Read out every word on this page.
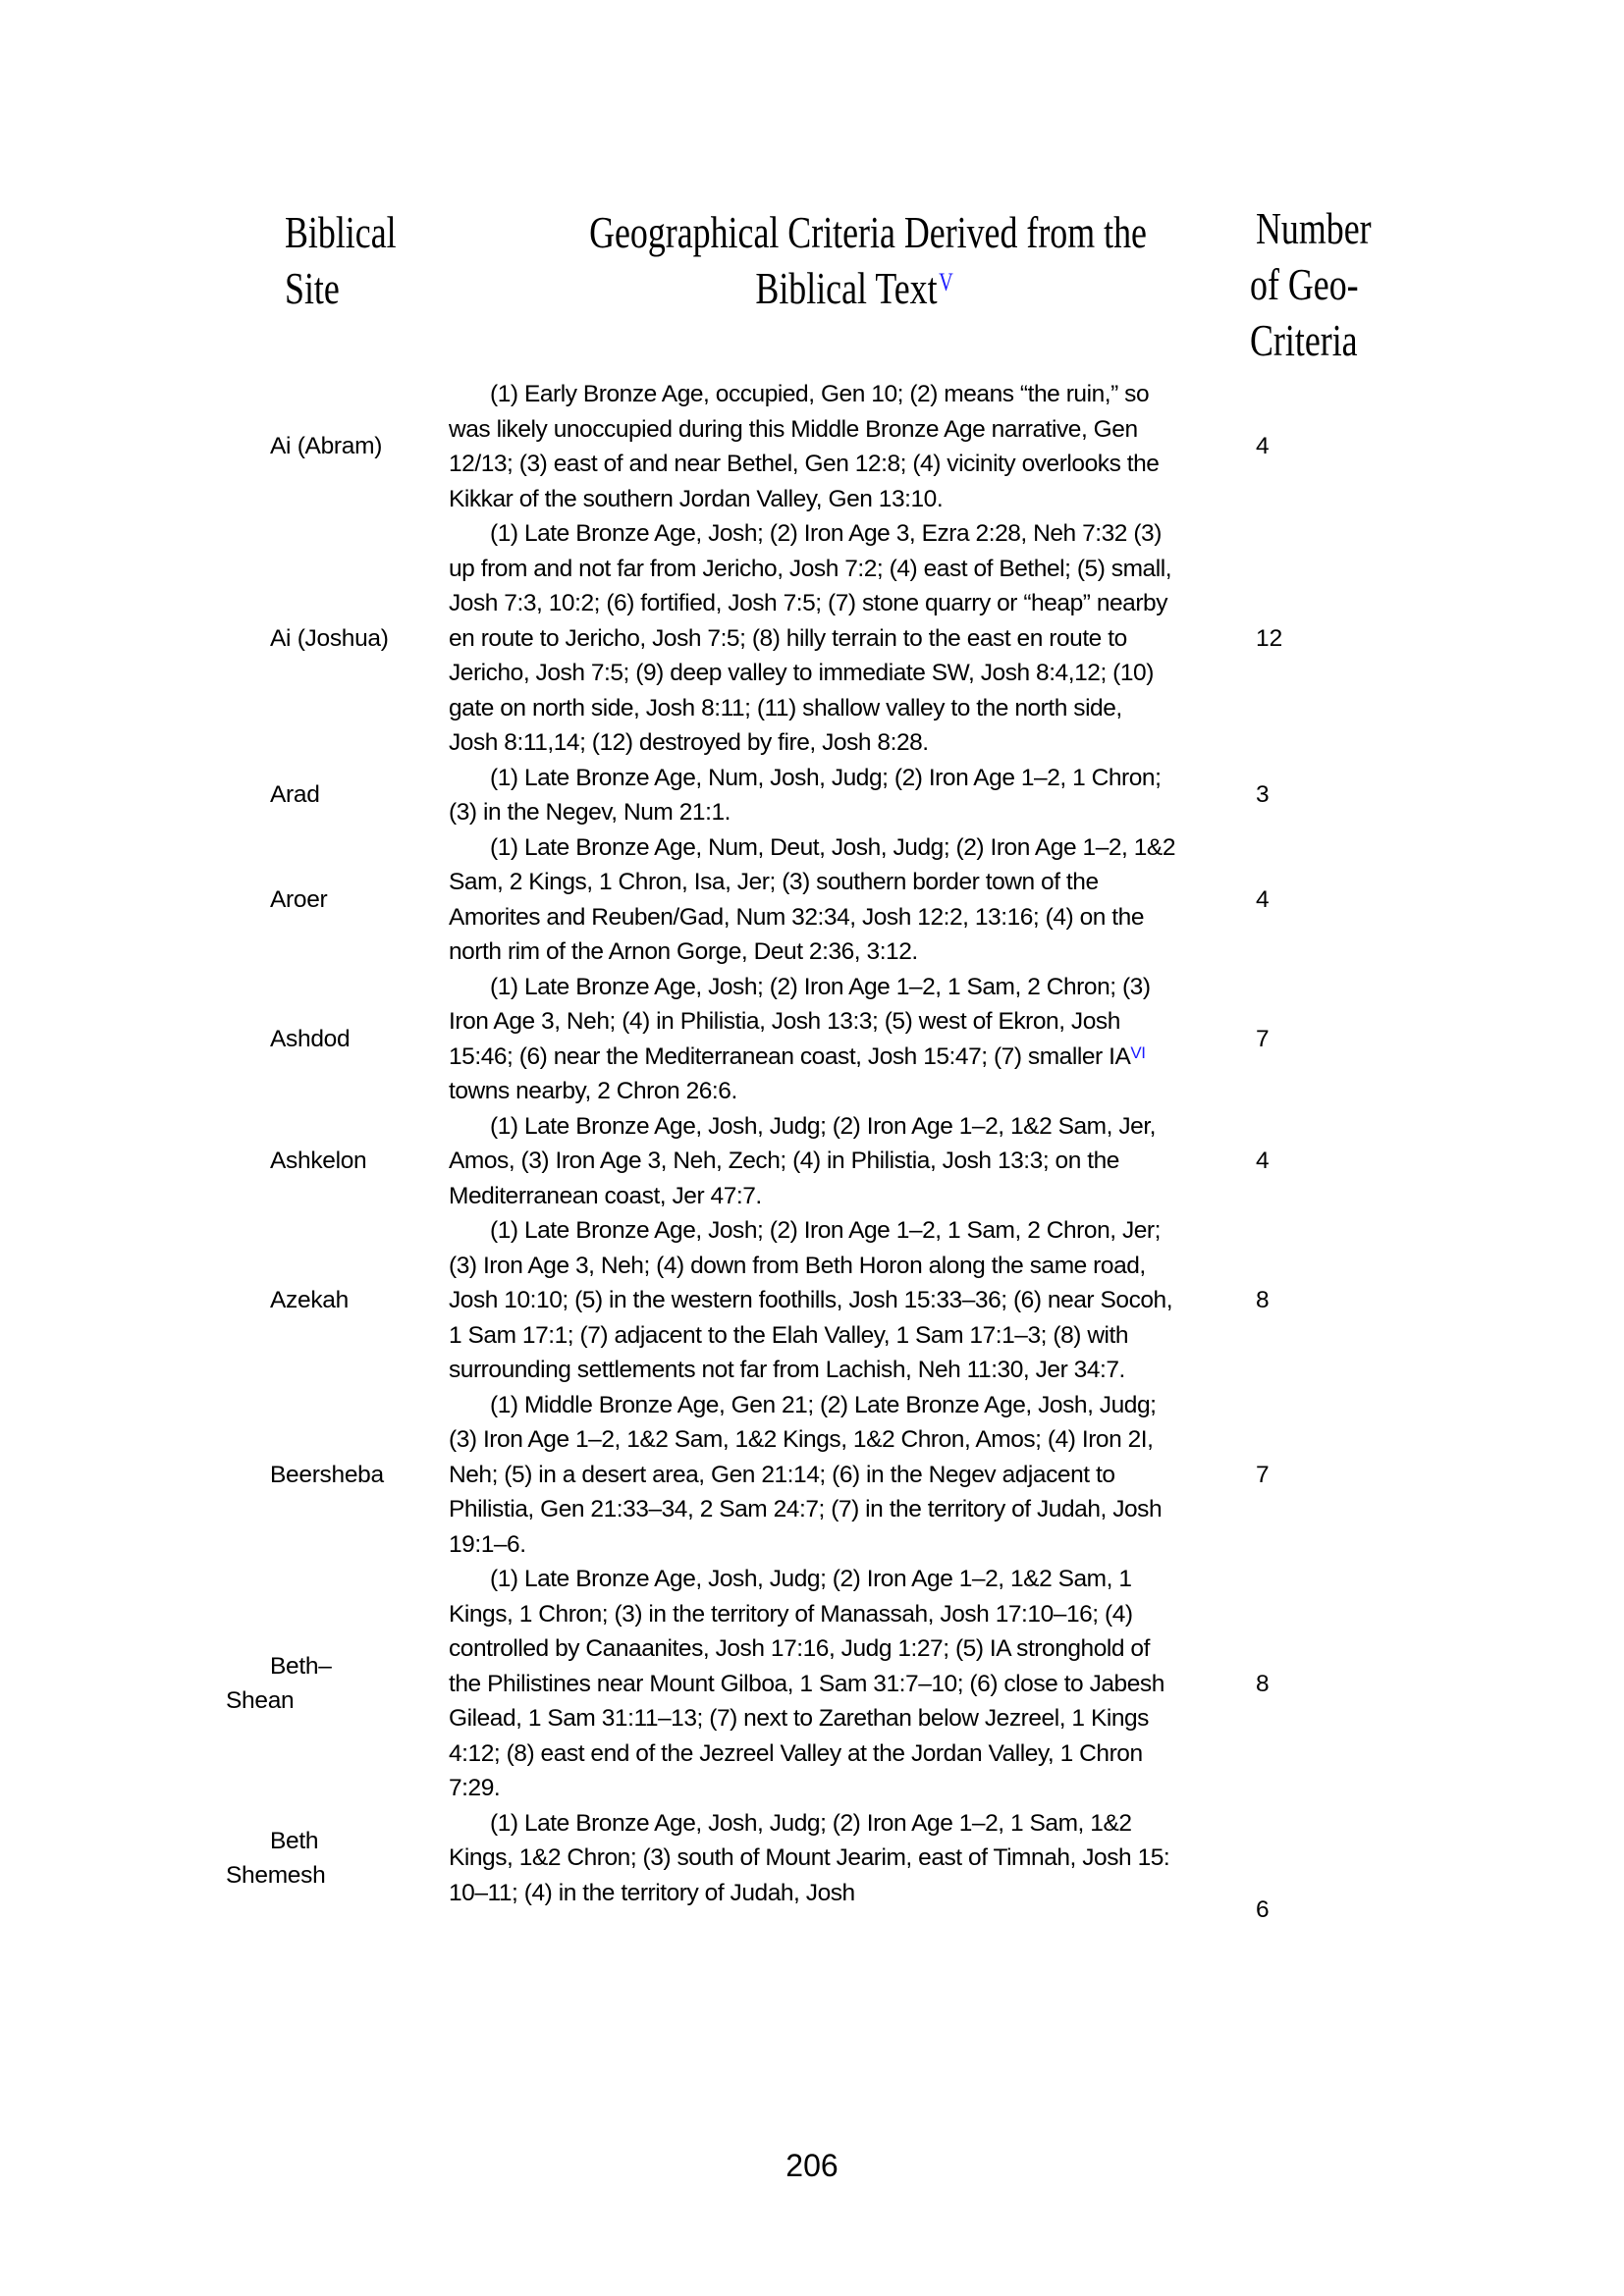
Biblical
Site
Geographical Criteria Derived from the
Biblical Text$^V$
Number
of Geo-
Criteria
Ai (Abram)
(1) Early Bronze Age, occupied, Gen 10; (2) means “the ruin,” so was likely unoccupied during this Middle Bronze Age narrative, Gen 12/13; (3) east of and near Bethel, Gen 12:8; (4) vicinity overlooks the Kikkar of the southern Jordan Valley, Gen 13:10.
4
Ai (Joshua)
(1) Late Bronze Age, Josh; (2) Iron Age 3, Ezra 2:28, Neh 7:32 (3) up from and not far from Jericho, Josh 7:2; (4) east of Bethel; (5) small, Josh 7:3, 10:2; (6) fortified, Josh 7:5; (7) stone quarry or “heap” nearby en route to Jericho, Josh 7:5; (8) hilly terrain to the east en route to Jericho, Josh 7:5; (9) deep valley to immediate SW, Josh 8:4,12; (10) gate on north side, Josh 8:11; (11) shallow valley to the north side, Josh 8:11,14; (12) destroyed by fire, Josh 8:28.
12
Arad
(1) Late Bronze Age, Num, Josh, Judg; (2) Iron Age 1–2, 1 Chron; (3) in the Negev, Num 21:1.
3
Aroer
(1) Late Bronze Age, Num, Deut, Josh, Judg; (2) Iron Age 1–2, 1&2 Sam, 2 Kings, 1 Chron, Isa, Jer; (3) southern border town of the Amorites and Reuben/Gad, Num 32:34, Josh 12:2, 13:16; (4) on the north rim of the Arnon Gorge, Deut 2:36, 3:12.
4
Ashdod
(1) Late Bronze Age, Josh; (2) Iron Age 1–2, 1 Sam, 2 Chron; (3) Iron Age 3, Neh; (4) in Philistia, Josh 13:3; (5) west of Ekron, Josh 15:46; (6) near the Mediterranean coast, Josh 15:47; (7) smaller $IA^{VI}$ towns nearby, 2 Chron 26:6.
7
Ashkelon
(1) Late Bronze Age, Josh, Judg; (2) Iron Age 1–2, 1&2 Sam, Jer, Amos, (3) Iron Age 3, Neh, Zech; (4) in Philistia, Josh 13:3; on the Mediterranean coast, Jer 47:7.
4
Azekah
(1) Late Bronze Age, Josh; (2) Iron Age 1–2, 1 Sam, 2 Chron, Jer; (3) Iron Age 3, Neh; (4) down from Beth Horon along the same road, Josh 10:10; (5) in the western foothills, Josh 15:33–36; (6) near Socoh, 1 Sam 17:1; (7) adjacent to the Elah Valley, 1 Sam 17:1–3; (8) with surrounding settlements not far from Lachish, Neh 11:30, Jer 34:7.
8
Beersheba
(1) Middle Bronze Age, Gen 21; (2) Late Bronze Age, Josh, Judg; (3) Iron Age 1–2, 1&2 Sam, 1&2 Kings, 1&2 Chron, Amos; (4) Iron 2I, Neh; (5) in a desert area, Gen 21:14; (6) in the Negev adjacent to Philistia, Gen 21:33–34, 2 Sam 24:7; (7) in the territory of Judah, Josh 19:1–6.
7
Beth–
Shean
(1) Late Bronze Age, Josh, Judg; (2) Iron Age 1–2, 1&2 Sam, 1 Kings, 1 Chron; (3) in the territory of Manassah, Josh 17:10–16; (4) controlled by Canaanites, Josh 17:16, Judg 1:27; (5) IA stronghold of the Philistines near Mount Gilboa, 1 Sam 31:7–10; (6) close to Jabesh Gilead, 1 Sam 31:11–13; (7) next to Zarethan below Jezreel, 1 Kings 4:12; (8) east end of the Jezreel Valley at the Jordan Valley, 1 Chron 7:29.
8
Beth
Shemesh
(1) Late Bronze Age, Josh, Judg; (2) Iron Age 1–2, 1 Sam, 1&2 Kings, 1&2 Chron; (3) south of Mount Jearim, east of Timnah, Josh 15: 10–11; (4) in the territory of Judah, Josh
6
206
